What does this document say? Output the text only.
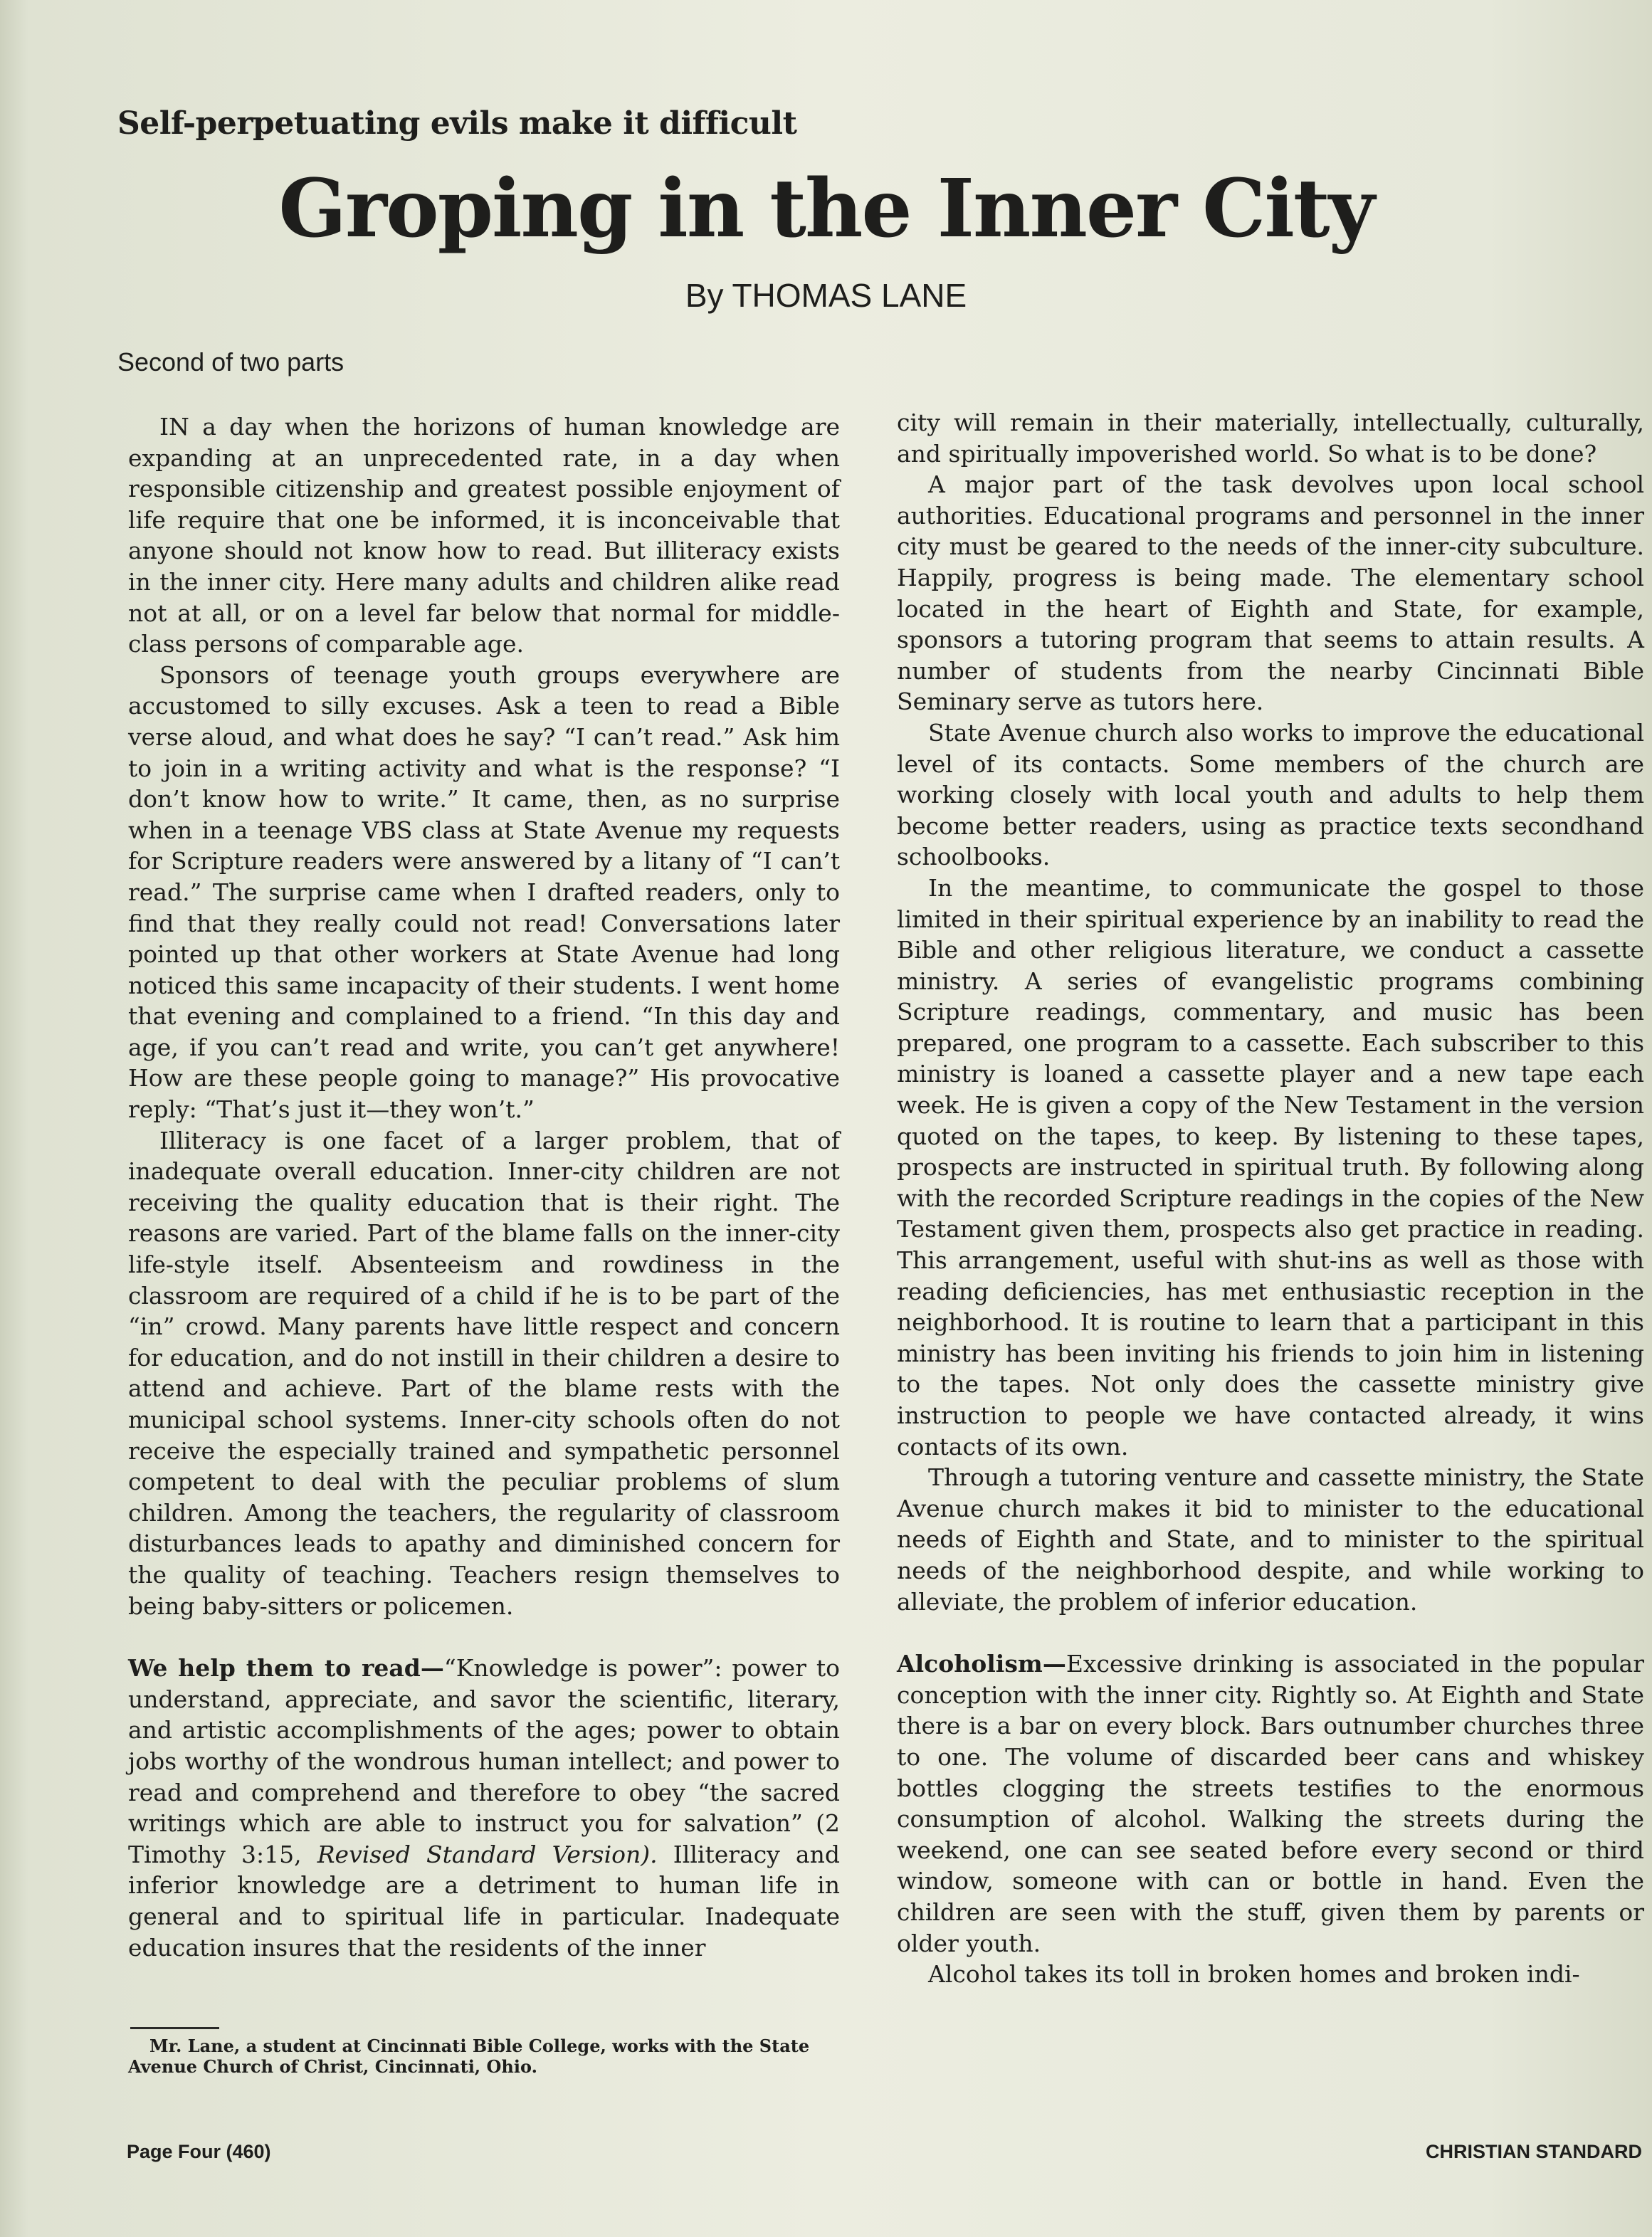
Self-perpetuating evils make it difficult
Groping in the Inner City
By THOMAS LANE
Second of two parts

IN a day when the horizons of human knowledge are expanding at an unprecedented rate, in a day when responsible citizenship and greatest possible enjoyment of life require that one be informed, it is inconceivable that anyone should not know how to read. But illiteracy exists in the inner city. Here many adults and children alike read not at all, or on a level far below that normal for middle-class persons of comparable age.

Sponsors of teenage youth groups everywhere are accustomed to silly excuses. Ask a teen to read a Bible verse aloud, and what does he say? “I can’t read.” Ask him to join in a writing activity and what is the response? “I don’t know how to write.” It came, then, as no surprise when in a teenage VBS class at State Avenue my requests for Scripture readers were answered by a litany of “I can’t read.” The surprise came when I drafted readers, only to find that they really could not read! Conversations later pointed up that other workers at State Avenue had long noticed this same incapacity of their students. I went home that evening and complained to a friend. “In this day and age, if you can’t read and write, you can’t get anywhere! How are these people going to manage?” His provocative reply: “That’s just it—they won’t.”

Illiteracy is one facet of a larger problem, that of inadequate overall education. Inner-city children are not receiving the quality education that is their right. The reasons are varied. Part of the blame falls on the inner-city life-style itself. Absenteeism and rowdiness in the classroom are required of a child if he is to be part of the “in” crowd. Many parents have little respect and concern for education, and do not instill in their children a desire to attend and achieve. Part of the blame rests with the municipal school systems. Inner-city schools often do not receive the especially trained and sympathetic personnel competent to deal with the peculiar problems of slum children. Among the teachers, the regularity of classroom disturbances leads to apathy and diminished concern for the quality of teaching. Teachers resign themselves to being baby-sitters or policemen.

We help them to read—“Knowledge is power”: power to understand, appreciate, and savor the scientific, literary, and artistic accomplishments of the ages; power to obtain jobs worthy of the wondrous human intellect; and power to read and comprehend and therefore to obey “the sacred writings which are able to instruct you for salvation” (2 Timothy 3:15, Revised Standard Version). Illiteracy and inferior knowledge are a detriment to human life in general and to spiritual life in particular. Inadequate education insures that the residents of the inner

Mr. Lane, a student at Cincinnati Bible College, works with the State Avenue Church of Christ, Cincinnati, Ohio.

city will remain in their materially, intellectually, culturally, and spiritually impoverished world. So what is to be done?

A major part of the task devolves upon local school authorities. Educational programs and personnel in the inner city must be geared to the needs of the inner-city subculture. Happily, progress is being made. The elementary school located in the heart of Eighth and State, for example, sponsors a tutoring program that seems to attain results. A number of students from the nearby Cincinnati Bible Seminary serve as tutors here.

State Avenue church also works to improve the educational level of its contacts. Some members of the church are working closely with local youth and adults to help them become better readers, using as practice texts secondhand schoolbooks.

In the meantime, to communicate the gospel to those limited in their spiritual experience by an inability to read the Bible and other religious literature, we conduct a cassette ministry. A series of evangelistic programs combining Scripture readings, commentary, and music has been prepared, one program to a cassette. Each subscriber to this ministry is loaned a cassette player and a new tape each week. He is given a copy of the New Testament in the version quoted on the tapes, to keep. By listening to these tapes, prospects are instructed in spiritual truth. By following along with the recorded Scripture readings in the copies of the New Testament given them, prospects also get practice in reading. This arrangement, useful with shut-ins as well as those with reading deficiencies, has met enthusiastic reception in the neighborhood. It is routine to learn that a participant in this ministry has been inviting his friends to join him in listening to the tapes. Not only does the cassette ministry give instruction to people we have contacted already, it wins contacts of its own.

Through a tutoring venture and cassette ministry, the State Avenue church makes it bid to minister to the educational needs of Eighth and State, and to minister to the spiritual needs of the neighborhood despite, and while working to alleviate, the problem of inferior education.

Alcoholism—Excessive drinking is associated in the popular conception with the inner city. Rightly so. At Eighth and State there is a bar on every block. Bars outnumber churches three to one. The volume of discarded beer cans and whiskey bottles clogging the streets testifies to the enormous consumption of alcohol. Walking the streets during the weekend, one can see seated before every second or third window, someone with can or bottle in hand. Even the children are seen with the stuff, given them by parents or older youth.

Alcohol takes its toll in broken homes and broken indi-

Page Four (460)	CHRISTIAN STANDARD
